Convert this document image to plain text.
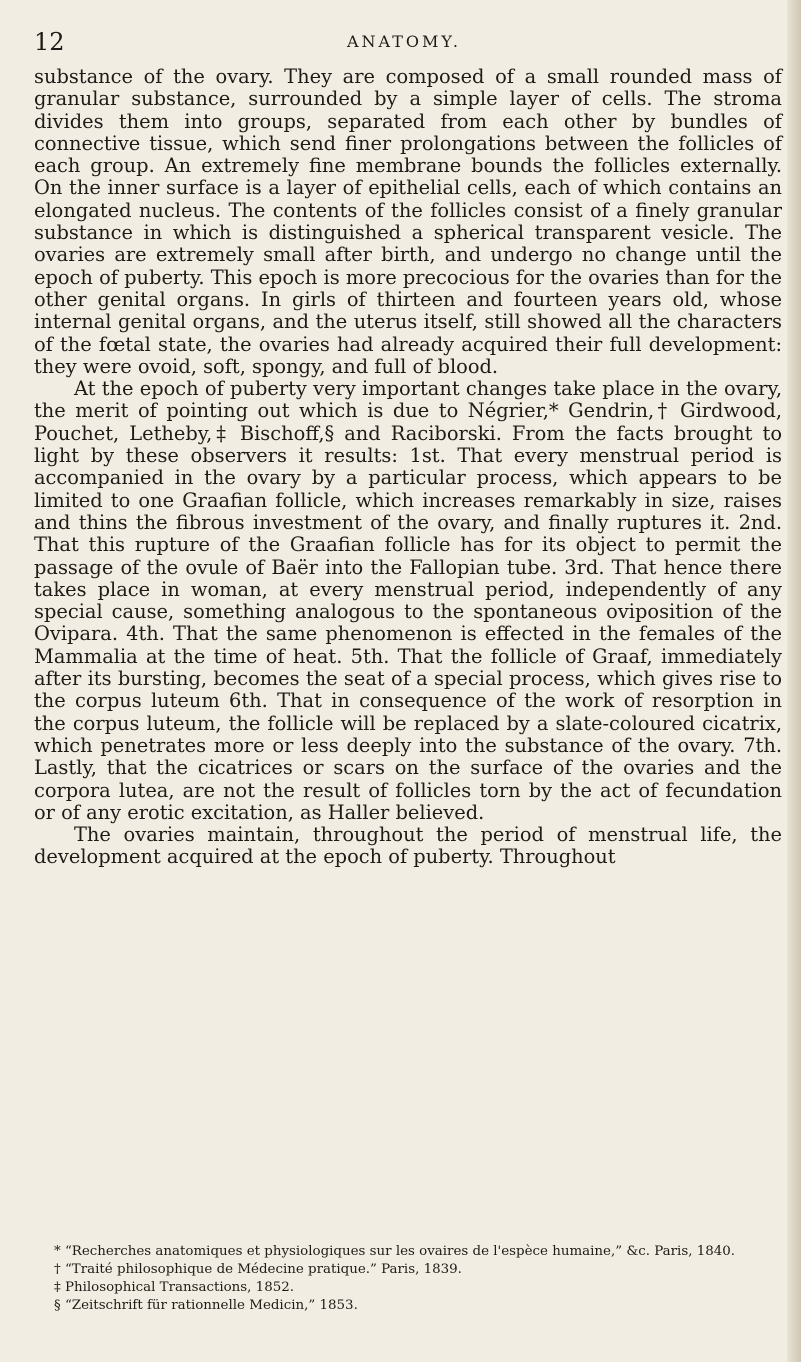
12	ANATOMY.

substance of the ovary. They are composed of a small rounded mass of granular substance, surrounded by a simple layer of cells. The stroma divides them into groups, separated from each other by bundles of connective tissue, which send finer prolongations between the follicles of each group. An extremely fine membrane bounds the follicles externally. On the inner surface is a layer of epithelial cells, each of which contains an elongated nucleus. The contents of the follicles consist of a finely granular substance in which is distinguished a spherical transparent vesicle. The ovaries are extremely small after birth, and undergo no change until the epoch of puberty. This epoch is more precocious for the ovaries than for the other genital organs. In girls of thirteen and fourteen years old, whose internal genital organs, and the uterus itself, still showed all the characters of the fœtal state, the ovaries had already acquired their full development: they were ovoid, soft, spongy, and full of blood.

At the epoch of puberty very important changes take place in the ovary, the merit of pointing out which is due to Négrier,* Gendrin,† Girdwood, Pouchet, Letheby,‡ Bischoff,§ and Raciborski. From the facts brought to light by these observers it results: 1st. That every menstrual period is accompanied in the ovary by a particular process, which appears to be limited to one Graafian follicle, which increases remarkably in size, raises and thins the fibrous investment of the ovary, and finally ruptures it. 2nd. That this rupture of the Graafian follicle has for its object to permit the passage of the ovule of Baër into the Fallopian tube. 3rd. That hence there takes place in woman, at every menstrual period, independently of any special cause, something analogous to the spontaneous oviposition of the Ovipara. 4th. That the same phenomenon is effected in the females of the Mammalia at the time of heat. 5th. That the follicle of Graaf, immediately after its bursting, becomes the seat of a special process, which gives rise to the corpus luteum 6th. That in consequence of the work of resorption in the corpus luteum, the follicle will be replaced by a slate-coloured cicatrix, which penetrates more or less deeply into the substance of the ovary. 7th. Lastly, that the cicatrices or scars on the surface of the ovaries and the corpora lutea, are not the result of follicles torn by the act of fecundation or of any erotic excitation, as Haller believed.

The ovaries maintain, throughout the period of menstrual life, the development acquired at the epoch of puberty. Throughout

* “Recherches anatomiques et physiologiques sur les ovaires de l'espèce humaine,” &c. Paris, 1840.

† “Traité philosophique de Médecine pratique.” Paris, 1839.

‡ Philosophical Transactions, 1852.

§ “Zeitschrift für rationnelle Medicin,” 1853.
